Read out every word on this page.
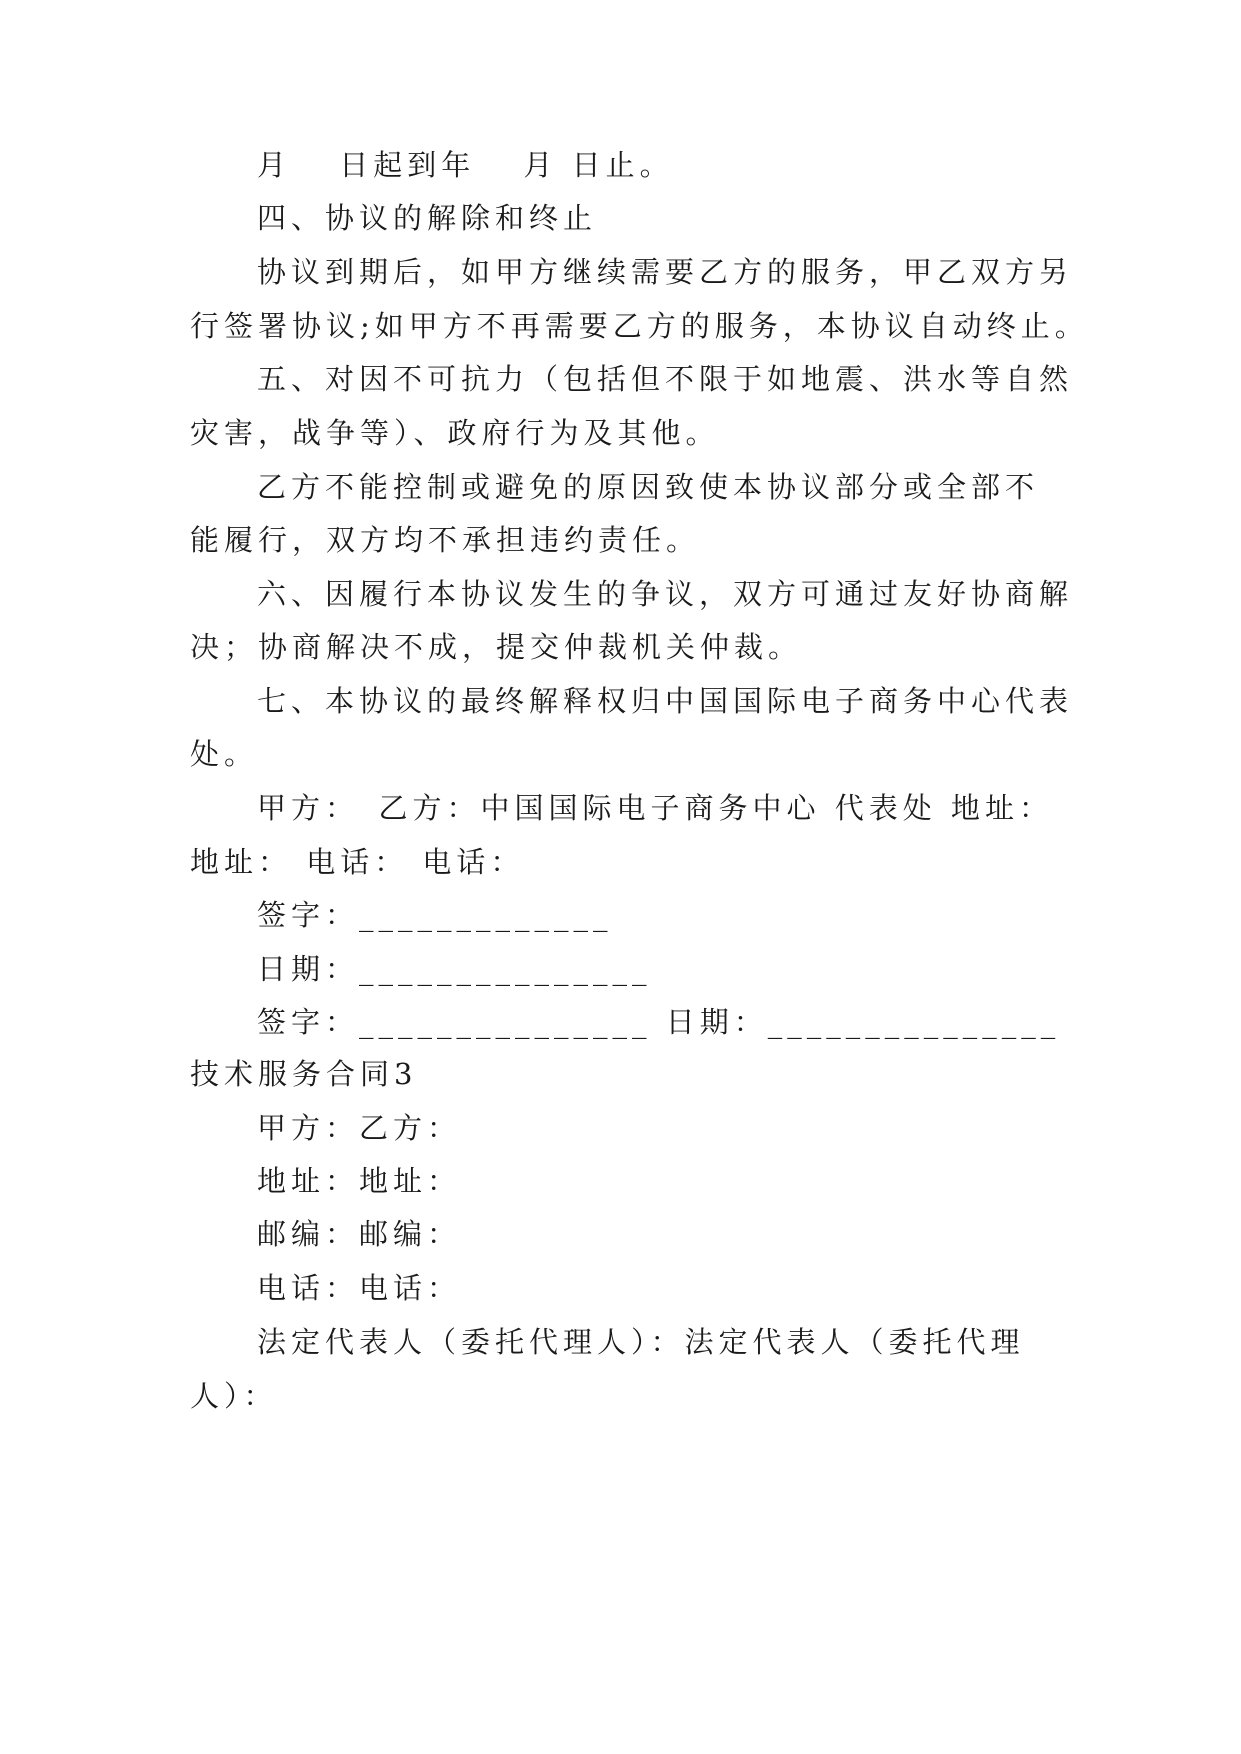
月　 日起到年　 月 日止。

四、协议的解除和终止

协议到期后，如甲方继续需要乙方的服务，甲乙双方另

行签署协议;如甲方不再需要乙方的服务，本协议自动终止。

五、对因不可抗力（包括但不限于如地震、洪水等自然

灾害，战争等）、政府行为及其他。

乙方不能控制或避免的原因致使本协议部分或全部不

能履行，双方均不承担违约责任。

六、因履行本协议发生的争议，双方可通过友好协商解

决；协商解决不成，提交仲裁机关仲裁。

七、本协议的最终解释权归中国国际电子商务中心代表

处。

甲方：　乙方：中国国际电子商务中心 代表处 地址：

地址： 电话： 电话：

签字：_____________

日期：_______________

签字：_______________ 日期：_______________

技术服务合同3

甲方：乙方：

地址：地址：

邮编：邮编：

电话：电话：

法定代表人（委托代理人）：法定代表人（委托代理

人）：
